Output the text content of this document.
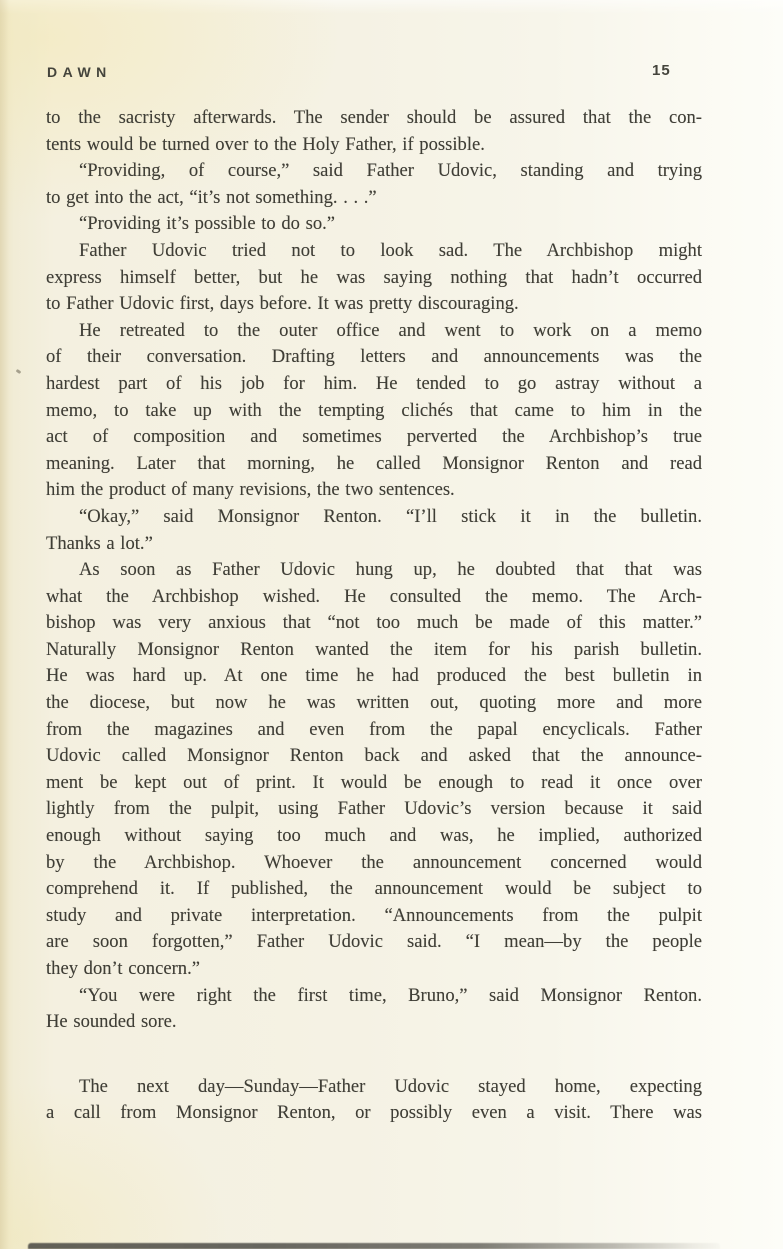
DAWN	15
to the sacristy afterwards. The sender should be assured that the con-
tents would be turned over to the Holy Father, if possible.
“Providing, of course,” said Father Udovic, standing and trying
to get into the act, “it’s not something. . . .”
“Providing it’s possible to do so.”
Father Udovic tried not to look sad. The Archbishop might
express himself better, but he was saying nothing that hadn’t occurred
to Father Udovic first, days before. It was pretty discouraging.
He retreated to the outer office and went to work on a memo
of their conversation. Drafting letters and announcements was the
hardest part of his job for him. He tended to go astray without a
memo, to take up with the tempting clichés that came to him in the
act of composition and sometimes perverted the Archbishop’s true
meaning. Later that morning, he called Monsignor Renton and read
him the product of many revisions, the two sentences.
“Okay,” said Monsignor Renton. “I’ll stick it in the bulletin.
Thanks a lot.”
As soon as Father Udovic hung up, he doubted that that was
what the Archbishop wished. He consulted the memo. The Arch-
bishop was very anxious that “not too much be made of this matter.”
Naturally Monsignor Renton wanted the item for his parish bulletin.
He was hard up. At one time he had produced the best bulletin in
the diocese, but now he was written out, quoting more and more
from the magazines and even from the papal encyclicals. Father
Udovic called Monsignor Renton back and asked that the announce-
ment be kept out of print. It would be enough to read it once over
lightly from the pulpit, using Father Udovic’s version because it said
enough without saying too much and was, he implied, authorized
by the Archbishop. Whoever the announcement concerned would
comprehend it. If published, the announcement would be subject to
study and private interpretation. “Announcements from the pulpit
are soon forgotten,” Father Udovic said. “I mean—by the people
they don’t concern.”
“You were right the first time, Bruno,” said Monsignor Renton.
He sounded sore.
The next day—Sunday—Father Udovic stayed home, expecting
a call from Monsignor Renton, or possibly even a visit. There was
